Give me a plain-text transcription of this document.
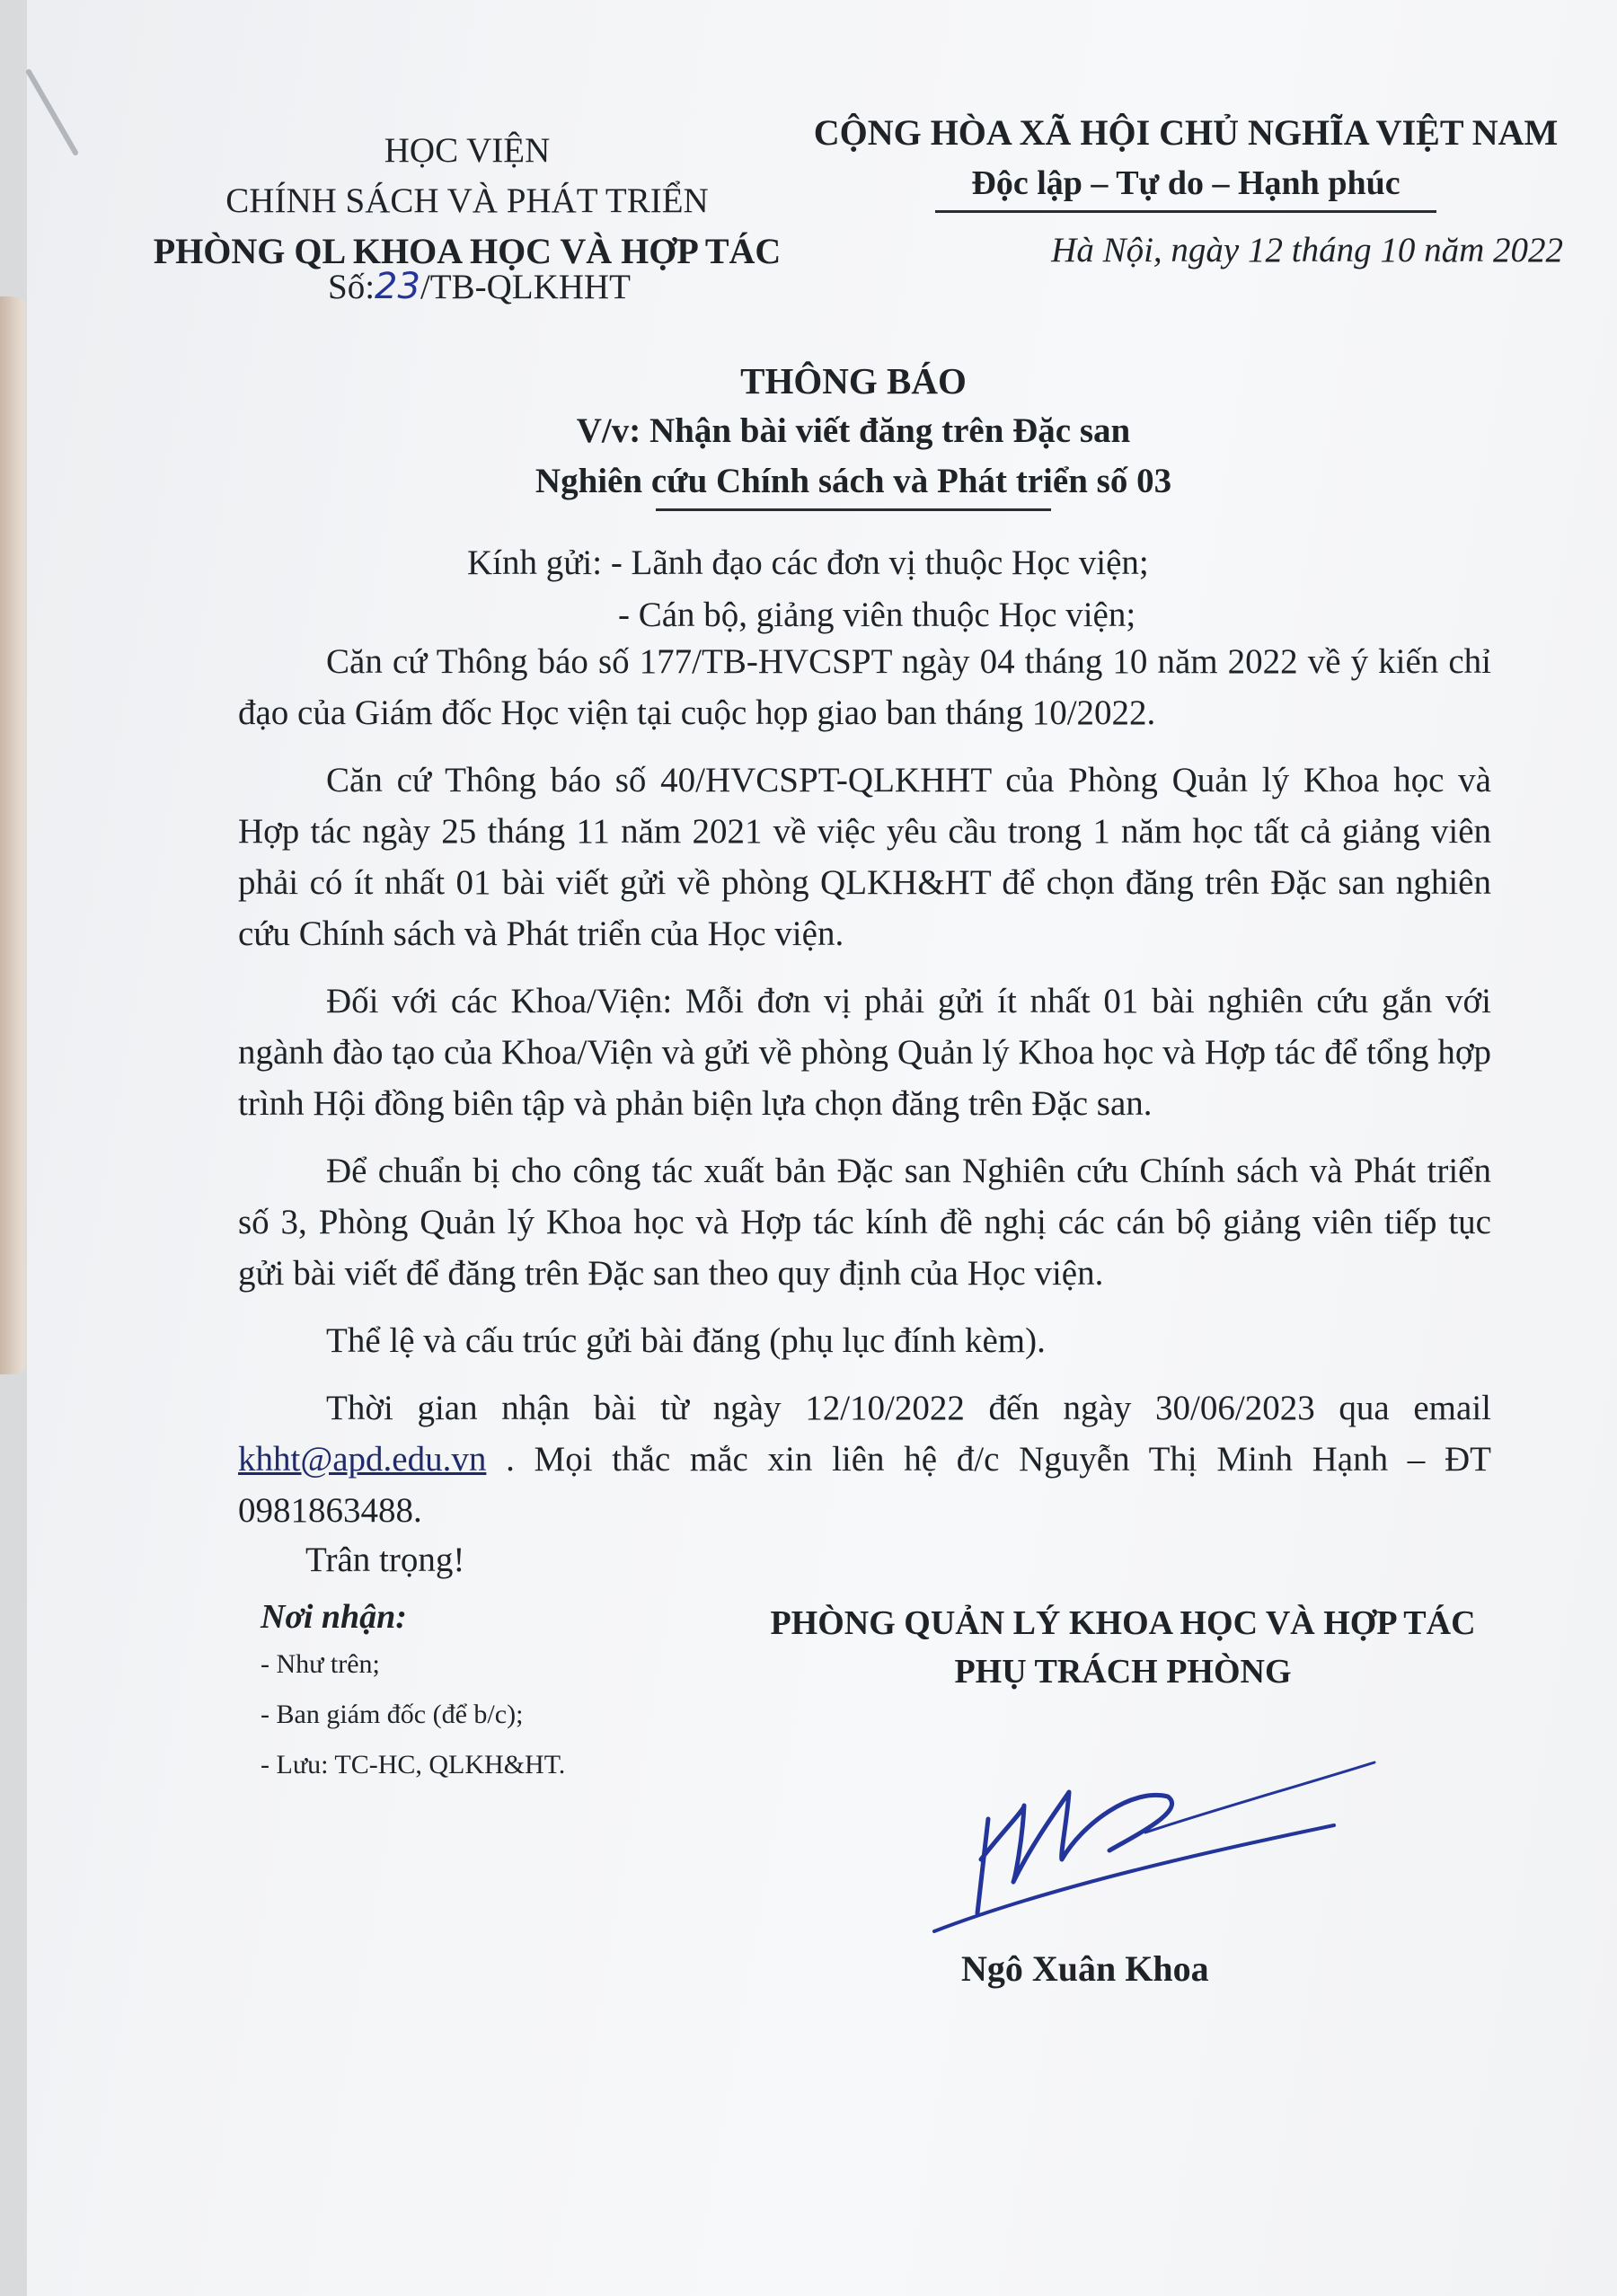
HỌC VIỆN
CHÍNH SÁCH VÀ PHÁT TRIỂN
PHÒNG QL KHOA HỌC VÀ HỢP TÁC
Số:23/TB-QLKHHT
CỘNG HÒA XÃ HỘI CHỦ NGHĨA VIỆT NAM
Độc lập – Tự do – Hạnh phúc
Hà Nội, ngày 12 tháng 10 năm 2022
THÔNG BÁO
V/v: Nhận bài viết đăng trên Đặc san
Nghiên cứu Chính sách và Phát triển số 03
Kính gửi: - Lãnh đạo các đơn vị thuộc Học viện;
- Cán bộ, giảng viên thuộc Học viện;

Căn cứ Thông báo số 177/TB-HVCSPT ngày 04 tháng 10 năm 2022 về ý kiến chỉ đạo của Giám đốc Học viện tại cuộc họp giao ban tháng 10/2022.

Căn cứ Thông báo số 40/HVCSPT-QLKHHT của Phòng Quản lý Khoa học và Hợp tác ngày 25 tháng 11 năm 2021 về việc yêu cầu trong 1 năm học tất cả giảng viên phải có ít nhất 01 bài viết gửi về phòng QLKH&HT để chọn đăng trên Đặc san nghiên cứu Chính sách và Phát triển của Học viện.

Đối với các Khoa/Viện: Mỗi đơn vị phải gửi ít nhất 01 bài nghiên cứu gắn với ngành đào tạo của Khoa/Viện và gửi về phòng Quản lý Khoa học và Hợp tác để tổng hợp trình Hội đồng biên tập và phản biện lựa chọn đăng trên Đặc san.

Để chuẩn bị cho công tác xuất bản Đặc san Nghiên cứu Chính sách và Phát triển số 3, Phòng Quản lý Khoa học và Hợp tác kính đề nghị các cán bộ giảng viên tiếp tục gửi bài viết để đăng trên Đặc san theo quy định của Học viện.

Thể lệ và cấu trúc gửi bài đăng (phụ lục đính kèm).

Thời gian nhận bài từ ngày 12/10/2022 đến ngày 30/06/2023 qua email khht@apd.edu.vn . Mọi thắc mắc xin liên hệ đ/c Nguyễn Thị Minh Hạnh – ĐT 0981863488.

Trân trọng!
Nơi nhận:
- Như trên;
- Ban giám đốc (để b/c);
- Lưu: TC-HC, QLKH&HT.
PHÒNG QUẢN LÝ KHOA HỌC VÀ HỢP TÁC
PHỤ TRÁCH PHÒNG
Ngô Xuân Khoa
